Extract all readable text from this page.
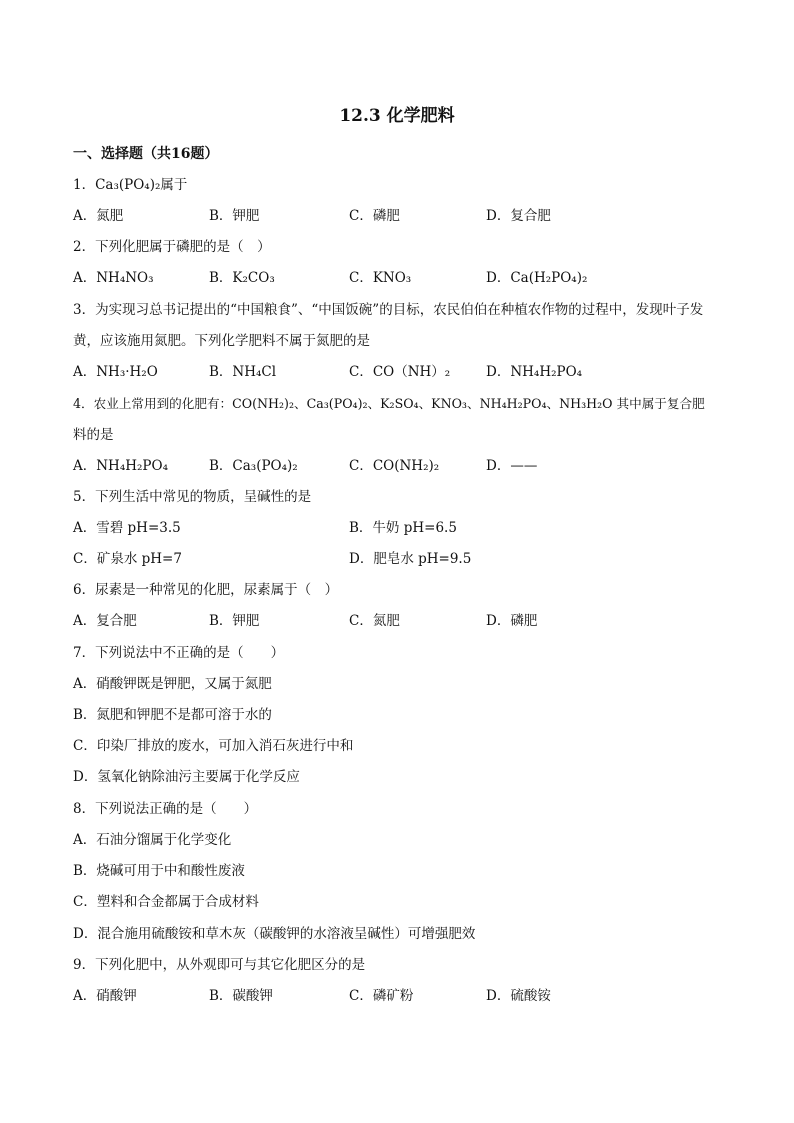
12.3 化学肥料
一、选择题（共16题）
1．Ca₃(PO₄)₂属于
A．氮肥	B．钾肥	C．磷肥	D．复合肥
2．下列化肥属于磷肥的是（　）
A．NH₄NO₃	B．K₂CO₃	C．KNO₃	D．Ca(H₂PO₄)₂
3．为实现习总书记提出的“中国粮食”、“中国饭碗”的目标，农民伯伯在种植农作物的过程中，发现叶子发
黄，应该施用氮肥。下列化学肥料不属于氮肥的是
A．NH₃·H₂O	B．NH₄Cl	C．CO（NH）₂	D．NH₄H₂PO₄
4．农业上常用到的化肥有：CO(NH₂)₂、Ca₃(PO₄)₂、K₂SO₄、KNO₃、NH₄H₂PO₄、NH₃H₂O 其中属于复合肥
料的是
A．NH₄H₂PO₄	B．Ca₃(PO₄)₂	C．CO(NH₂)₂	D．——
5．下列生活中常见的物质，呈碱性的是
A．雪碧 pH=3.5	B．牛奶 pH=6.5
C．矿泉水 pH=7	D．肥皂水 pH=9.5
6．尿素是一种常见的化肥，尿素属于（　）
A．复合肥	B．钾肥	C．氮肥	D．磷肥
7．下列说法中不正确的是（　　）
A．硝酸钾既是钾肥，又属于氮肥
B．氮肥和钾肥不是都可溶于水的
C．印染厂排放的废水，可加入消石灰进行中和
D．氢氧化钠除油污主要属于化学反应
8．下列说法正确的是（　　）
A．石油分馏属于化学变化
B．烧碱可用于中和酸性废液
C．塑料和合金都属于合成材料
D．混合施用硫酸铵和草木灰（碳酸钾的水溶液呈碱性）可增强肥效
9．下列化肥中，从外观即可与其它化肥区分的是
A．硝酸钾	B．碳酸钾	C．磷矿粉	D．硫酸铵
